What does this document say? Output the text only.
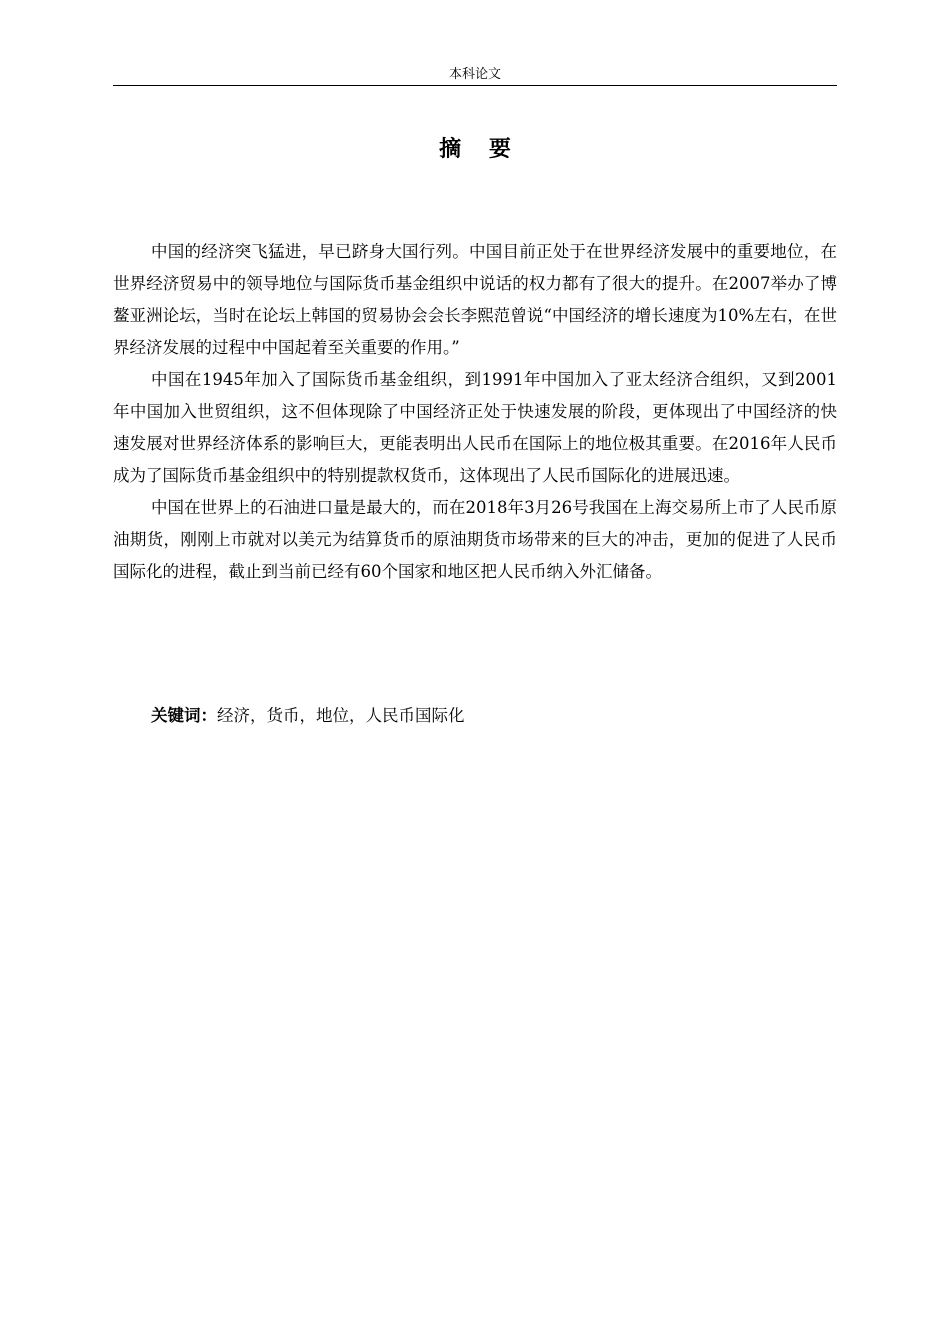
本科论文
摘 要

中国的经济突飞猛进，早已跻身大国行列。中国目前正处于在世界经济发展中的重要地位，在世界经济贸易中的领导地位与国际货币基金组织中说话的权力都有了很大的提升。在2007举办了博鳌亚洲论坛，当时在论坛上韩国的贸易协会会长李熙范曾说“中国经济的增长速度为10%左右，在世界经济发展的过程中中国起着至关重要的作用。”

中国在1945年加入了国际货币基金组织，到1991年中国加入了亚太经济合组织，又到2001年中国加入世贸组织，这不但体现除了中国经济正处于快速发展的阶段，更体现出了中国经济的快速发展对世界经济体系的影响巨大，更能表明出人民币在国际上的地位极其重要。在2016年人民币成为了国际货币基金组织中的特别提款权货币，这体现出了人民币国际化的进展迅速。

中国在世界上的石油进口量是最大的，而在2018年3月26号我国在上海交易所上市了人民币原油期货，刚刚上市就对以美元为结算货币的原油期货市场带来的巨大的冲击，更加的促进了人民币国际化的进程，截止到当前已经有60个国家和地区把人民币纳入外汇储备。

关键词：经济，货币，地位，人民币国际化
